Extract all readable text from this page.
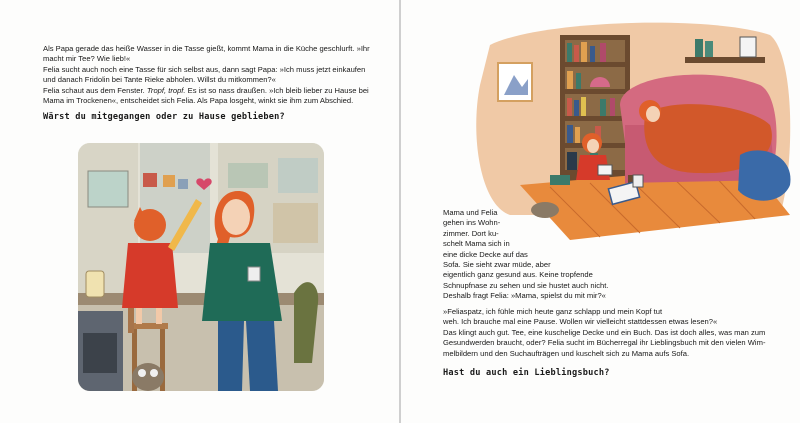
Als Papa gerade das heiße Wasser in die Tasse gießt, kommt Mama in die Küche geschlurft. »Ihr
macht mir Tee? Wie lieb!«
Felia sucht auch noch eine Tasse für sich selbst aus, dann sagt Papa: »Ich muss jetzt einkaufen
und danach Fridolin bei Tante Rieke abholen. Willst du mitkommen?«
Felia schaut aus dem Fenster. Tropf, tropf. Es ist so nass draußen. »Ich bleib lieber zu Hause bei
Mama im Trockenen«, entscheidet sich Felia. Als Papa losgeht, winkt sie ihm zum Abschied.
Wärst du mitgegangen oder zu Hause geblieben?
Mama und Felia
gehen ins Wohn-
zimmer. Dort ku-
schelt Mama sich in
eine dicke Decke auf das
Sofa. Sie sieht zwar müde, aber
eigentlich ganz gesund aus. Keine tropfende
Schnupfnase zu sehen und sie hustet auch nicht.
Deshalb fragt Felia: »Mama, spielst du mit mir?«
»Feliaspatz, ich fühle mich heute ganz schlapp und mein Kopf tut
weh. Ich brauche mal eine Pause. Wollen wir vielleicht stattdessen etwas lesen?«
Das klingt auch gut. Tee, eine kuschelige Decke und ein Buch. Das ist doch alles, was man zum
Gesundwerden braucht, oder? Felia sucht im Bücherregal ihr Lieblingsbuch mit den vielen Wim-
melbildern und den Suchaufträgen und kuschelt sich zu Mama aufs Sofa.
Hast du auch ein Lieblingsbuch?
